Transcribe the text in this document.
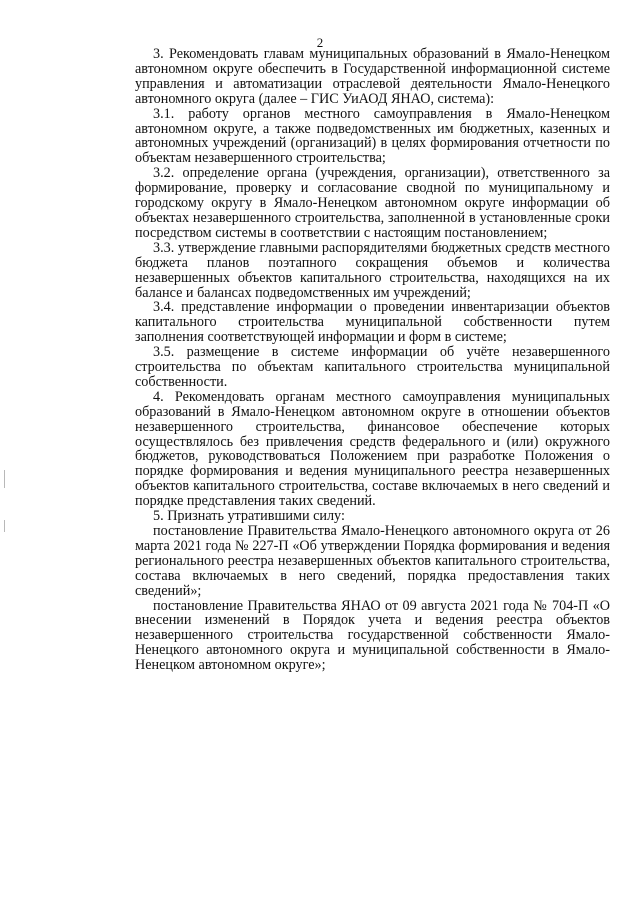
2

3. Рекомендовать главам муниципальных образований в Ямало-Ненецком автономном округе обеспечить в Государственной информационной системе управления и автоматизации отраслевой деятельности Ямало-Ненецкого автономного округа (далее – ГИС УиАОД ЯНАО, система):

3.1. работу органов местного самоуправления в Ямало-Ненецком автономном округе, а также подведомственных им бюджетных, казенных и автономных учреждений (организаций) в целях формирования отчетности по объектам незавершенного строительства;

3.2. определение органа (учреждения, организации), ответственного за формирование, проверку и согласование сводной по муниципальному и городскому округу в Ямало-Ненецком автономном округе информации об объектах незавершенного строительства, заполненной в установленные сроки посредством системы в соответствии с настоящим постановлением;

3.3. утверждение главными распорядителями бюджетных средств местного бюджета планов поэтапного сокращения объемов и количества незавершенных объектов капитального строительства, находящихся на их балансе и балансах подведомственных им учреждений;

3.4. представление информации о проведении инвентаризации объектов капитального строительства муниципальной собственности путем заполнения соответствующей информации и форм в системе;

3.5. размещение в системе информации об учёте незавершенного строительства по объектам капитального строительства муниципальной собственности.

4. Рекомендовать органам местного самоуправления муниципальных образований в Ямало-Ненецком автономном округе в отношении объектов незавершенного строительства, финансовое обеспечение которых осуществлялось без привлечения средств федерального и (или) окружного бюджетов, руководствоваться Положением при разработке Положения о порядке формирования и ведения муниципального реестра незавершенных объектов капитального строительства, составе включаемых в него сведений и порядке представления таких сведений.

5. Признать утратившими силу:

постановление Правительства Ямало-Ненецкого автономного округа от 26 марта 2021 года № 227-П «Об утверждении Порядка формирования и ведения регионального реестра незавершенных объектов капитального строительства, состава включаемых в него сведений, порядка предоставления таких сведений»;

постановление Правительства ЯНАО от 09 августа 2021 года № 704-П «О внесении изменений в Порядок учета и ведения реестра объектов незавершенного строительства государственной собственности Ямало-Ненецкого автономного округа и муниципальной собственности в Ямало-Ненецком автономном округе»;
